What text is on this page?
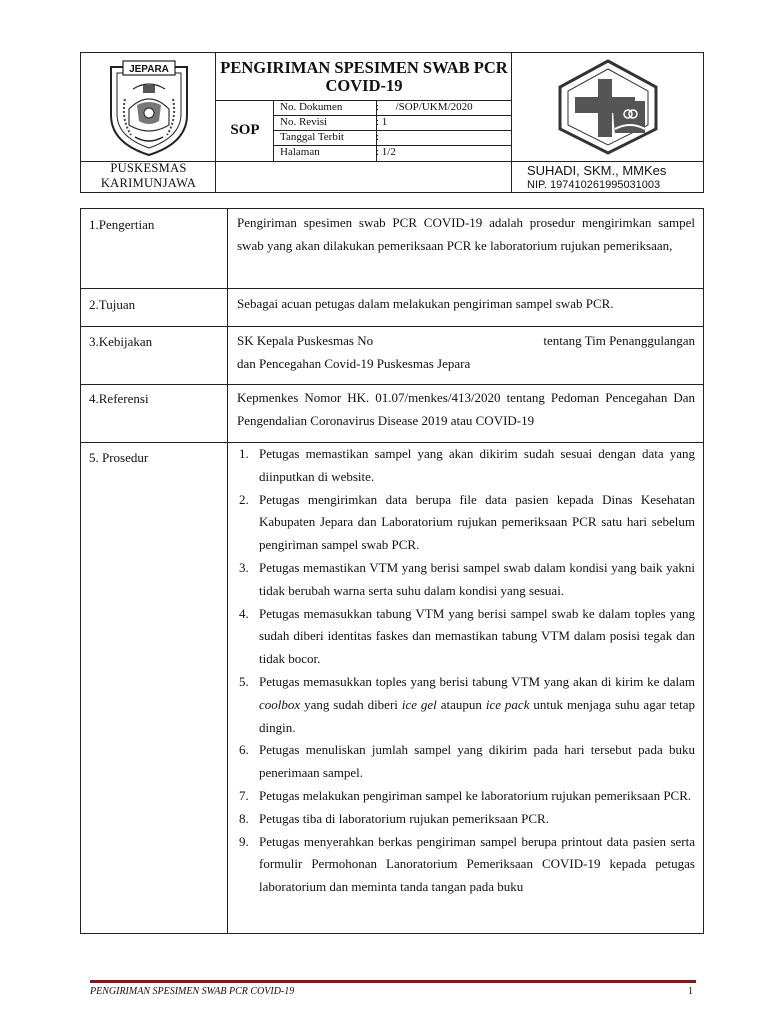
JEPARA	PENGIRIMAN SPESIMEN SWAB PCR COVID-19
SOP
No. Dokumen	:      /SOP/UKM/2020
No. Revisi	: 1
Tanggal Terbit	:
Halaman	: 1/2
PUSKESMAS
KARIMUNJAWA
SUHADI, SKM., MMKes
NIP. 197410261995031003
1.Pengertian	Pengiriman spesimen swab PCR COVID-19 adalah prosedur mengirimkan sampel swab yang akan dilakukan pemeriksaan PCR ke laboratorium rujukan pemeriksaan,
2.Tujuan	Sebagai acuan petugas dalam melakukan pengiriman sampel swab PCR.
3.Kebijakan	SK Kepala Puskesmas No	tentang Tim Penanggulangan
dan Pencegahan Covid-19 Puskesmas Jepara
4.Referensi	Kepmenkes Nomor HK. 01.07/menkes/413/2020 tentang Pedoman Pencegahan Dan Pengendalian Coronavirus Disease 2019 atau COVID-19
5. Prosedur	1. Petugas memastikan sampel yang akan dikirim sudah sesuai dengan data yang diinputkan di website.
2. Petugas mengirimkan data berupa file data pasien kepada Dinas Kesehatan Kabupaten Jepara dan Laboratorium rujukan pemeriksaan PCR satu hari sebelum pengiriman sampel swab PCR.
3. Petugas memastikan VTM yang berisi sampel swab dalam kondisi yang baik yakni tidak berubah warna serta suhu dalam kondisi yang sesuai.
4. Petugas memasukkan tabung VTM yang berisi sampel swab ke dalam toples yang sudah diberi identitas faskes dan memastikan tabung VTM dalam posisi tegak dan tidak bocor.
5. Petugas memasukkan toples yang berisi tabung VTM yang akan di kirim ke dalam coolbox yang sudah diberi ice gel ataupun ice pack untuk menjaga suhu agar tetap dingin.
6. Petugas menuliskan jumlah sampel yang dikirim pada hari tersebut pada buku penerimaan sampel.
7. Petugas melakukan pengiriman sampel ke laboratorium rujukan pemeriksaan PCR.
8. Petugas tiba di laboratorium rujukan pemeriksaan PCR.
9. Petugas menyerahkan berkas pengiriman sampel berupa printout data pasien serta formulir Permohonan Lanoratorium Pemeriksaan COVID-19 kepada petugas laboratorium dan meminta tanda tangan pada buku
PENGIRIMAN SPESIMEN SWAB PCR COVID-19	1
